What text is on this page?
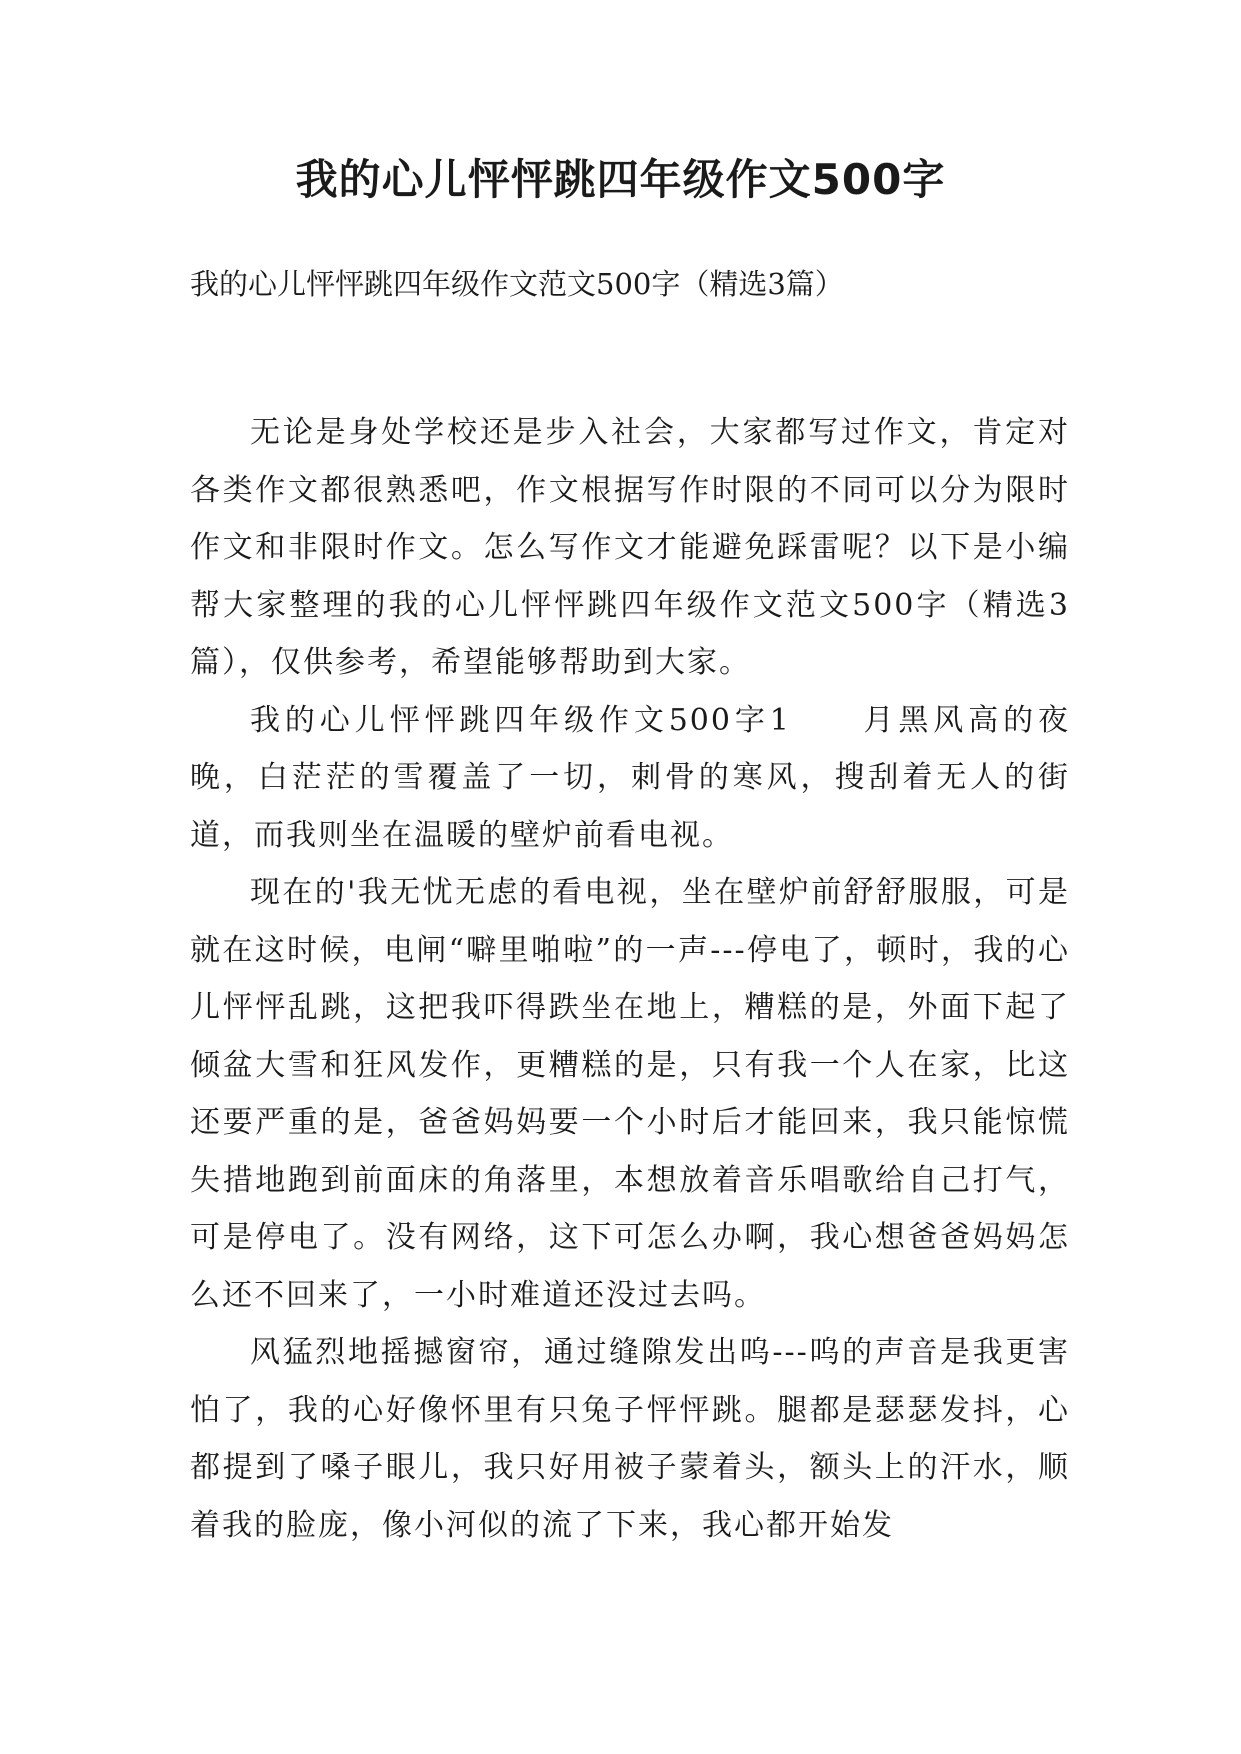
我的心儿怦怦跳四年级作文500字

我的心儿怦怦跳四年级作文范文500字（精选3篇）

无论是身处学校还是步入社会，大家都写过作文，肯定对各类作文都很熟悉吧，作文根据写作时限的不同可以分为限时作文和非限时作文。怎么写作文才能避免踩雷呢？以下是小编帮大家整理的我的心儿怦怦跳四年级作文范文500字（精选3篇），仅供参考，希望能够帮助到大家。

我的心儿怦怦跳四年级作文500字1　　月黑风高的夜晚，白茫茫的雪覆盖了一切，刺骨的寒风，搜刮着无人的街道，而我则坐在温暖的壁炉前看电视。

现在的'我无忧无虑的看电视，坐在壁炉前舒舒服服，可是就在这时候，电闸“噼里啪啦”的一声---停电了，顿时，我的心儿怦怦乱跳，这把我吓得跌坐在地上，糟糕的是，外面下起了倾盆大雪和狂风发作，更糟糕的是，只有我一个人在家，比这还要严重的是，爸爸妈妈要一个小时后才能回来，我只能惊慌失措地跑到前面床的角落里，本想放着音乐唱歌给自己打气，可是停电了。没有网络，这下可怎么办啊，我心想爸爸妈妈怎么还不回来了，一小时难道还没过去吗。

风猛烈地摇撼窗帘，通过缝隙发出呜---呜的声音是我更害怕了，我的心好像怀里有只兔子怦怦跳。腿都是瑟瑟发抖，心都提到了嗓子眼儿，我只好用被子蒙着头，额头上的汗水，顺着我的脸庞，像小河似的流了下来，我心都开始发
